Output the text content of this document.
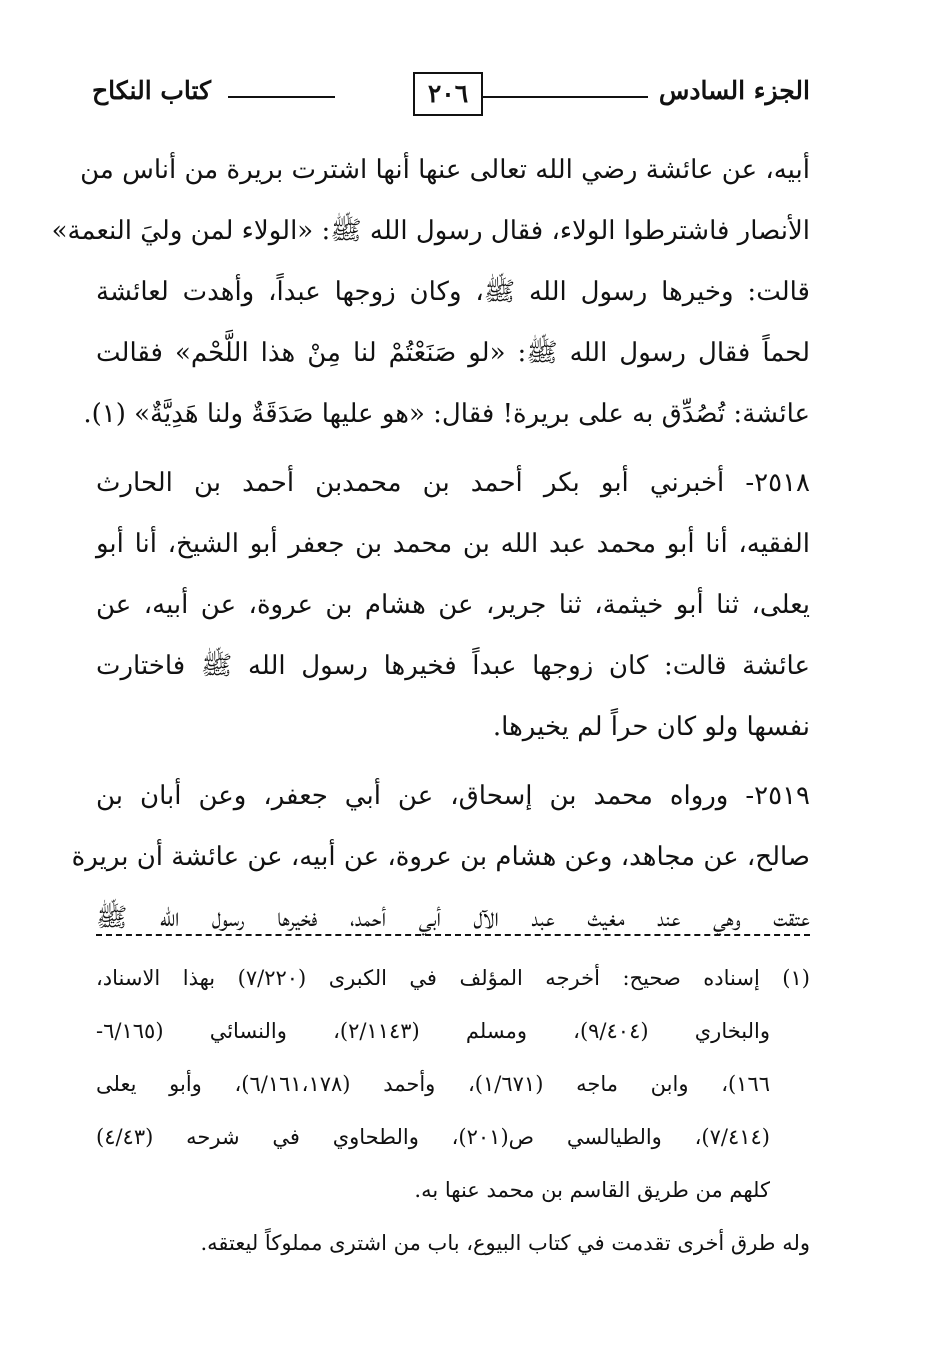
الجزء السادس
٢٠٦
كتاب النكاح
أبيه، عن عائشة رضي الله تعالى عنها أنها اشترت بريرة من أناس من
الأنصار فاشترطوا الولاء، فقال رسول الله ﷺ: «الولاء لمن وليَ النعمة»
قالت: وخيرها رسول الله ﷺ، وكان زوجها عبداً، وأهدت لعائشة
لحماً فقال رسول الله ﷺ: «لو صَنَعْتُمْ لنا مِنْ هذا اللَّحْم» فقالت
عائشة: تُصُدِّق به على بريرة! فقال: «هو عليها صَدَقَةٌ ولنا هَدِيَّةٌ» (١).
٢٥١٨- أخبرني أبو بكر أحمد بن محمدبن أحمد بن الحارث
الفقيه، أنا أبو محمد عبد الله بن محمد بن جعفر أبو الشيخ، أنا أبو
يعلى، ثنا أبو خيثمة، ثنا جرير، عن هشام بن عروة، عن أبيه، عن
عائشة قالت: كان زوجها عبداً فخيرها رسول الله ﷺ فاختارت
نفسها ولو كان حراً لم يخيرها.
٢٥١٩- ورواه محمد بن إسحاق، عن أبي جعفر، وعن أبان بن
صالح، عن مجاهد، وعن هشام بن عروة، عن أبيه، عن عائشة أن بريرة
عتقت وهي عند مغيث عبد الآل أبي أحمد، فخيرها رسول الله ﷺ
(١) إسناده صحيح: أخرجه المؤلف في الكبرى (٧/٢٢٠) بهذا الاسناد،
والبخاري (٩/٤٠٤)، ومسلم (٢/١١٤٣)، والنسائي (٦/١٦٥-
١٦٦)، وابن ماجه (١/٦٧١)، وأحمد (٦/١٦١،١٧٨)، وأبو يعلى
(٧/٤١٤)، والطيالسي ص(٢٠١)، والطحاوي في شرحه (٤/٤٣)
كلهم من طريق القاسم بن محمد عنها به.
وله طرق أخرى تقدمت في كتاب البيوع، باب من اشترى مملوكاً ليعتقه.
